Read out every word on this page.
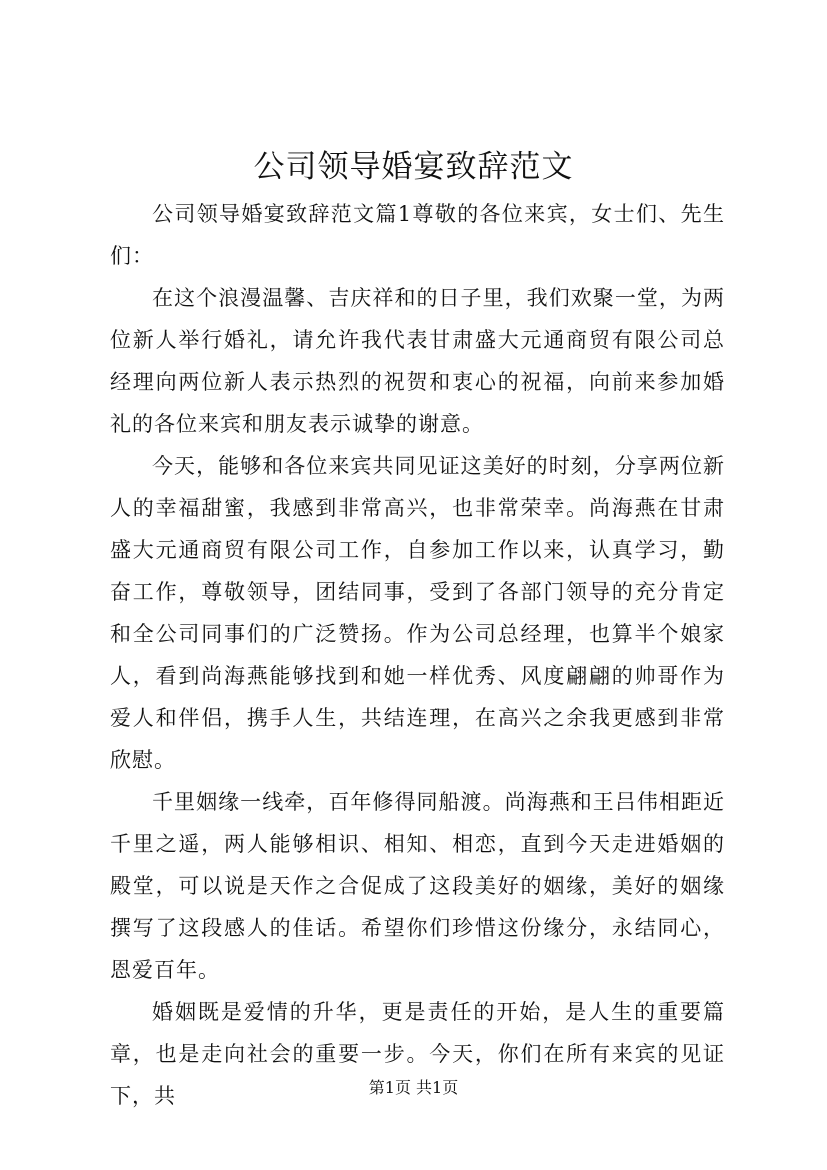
公司领导婚宴致辞范文

公司领导婚宴致辞范文篇1尊敬的各位来宾，女士们、先生们：

在这个浪漫温馨、吉庆祥和的日子里，我们欢聚一堂，为两位新人举行婚礼，请允许我代表甘肃盛大元通商贸有限公司总经理向两位新人表示热烈的祝贺和衷心的祝福，向前来参加婚礼的各位来宾和朋友表示诚挚的谢意。

今天，能够和各位来宾共同见证这美好的时刻，分享两位新人的幸福甜蜜，我感到非常高兴，也非常荣幸。尚海燕在甘肃盛大元通商贸有限公司工作，自参加工作以来，认真学习，勤奋工作，尊敬领导，团结同事，受到了各部门领导的充分肯定和全公司同事们的广泛赞扬。作为公司总经理，也算半个娘家人，看到尚海燕能够找到和她一样优秀、风度翩翩的帅哥作为爱人和伴侣，携手人生，共结连理，在高兴之余我更感到非常欣慰。

千里姻缘一线牵，百年修得同船渡。尚海燕和王吕伟相距近千里之遥，两人能够相识、相知、相恋，直到今天走进婚姻的殿堂，可以说是天作之合促成了这段美好的姻缘，美好的姻缘撰写了这段感人的佳话。希望你们珍惜这份缘分，永结同心，恩爱百年。

婚姻既是爱情的升华，更是责任的开始，是人生的重要篇章，也是走向社会的重要一步。今天，你们在所有来宾的见证下，共	第1页 共1页
